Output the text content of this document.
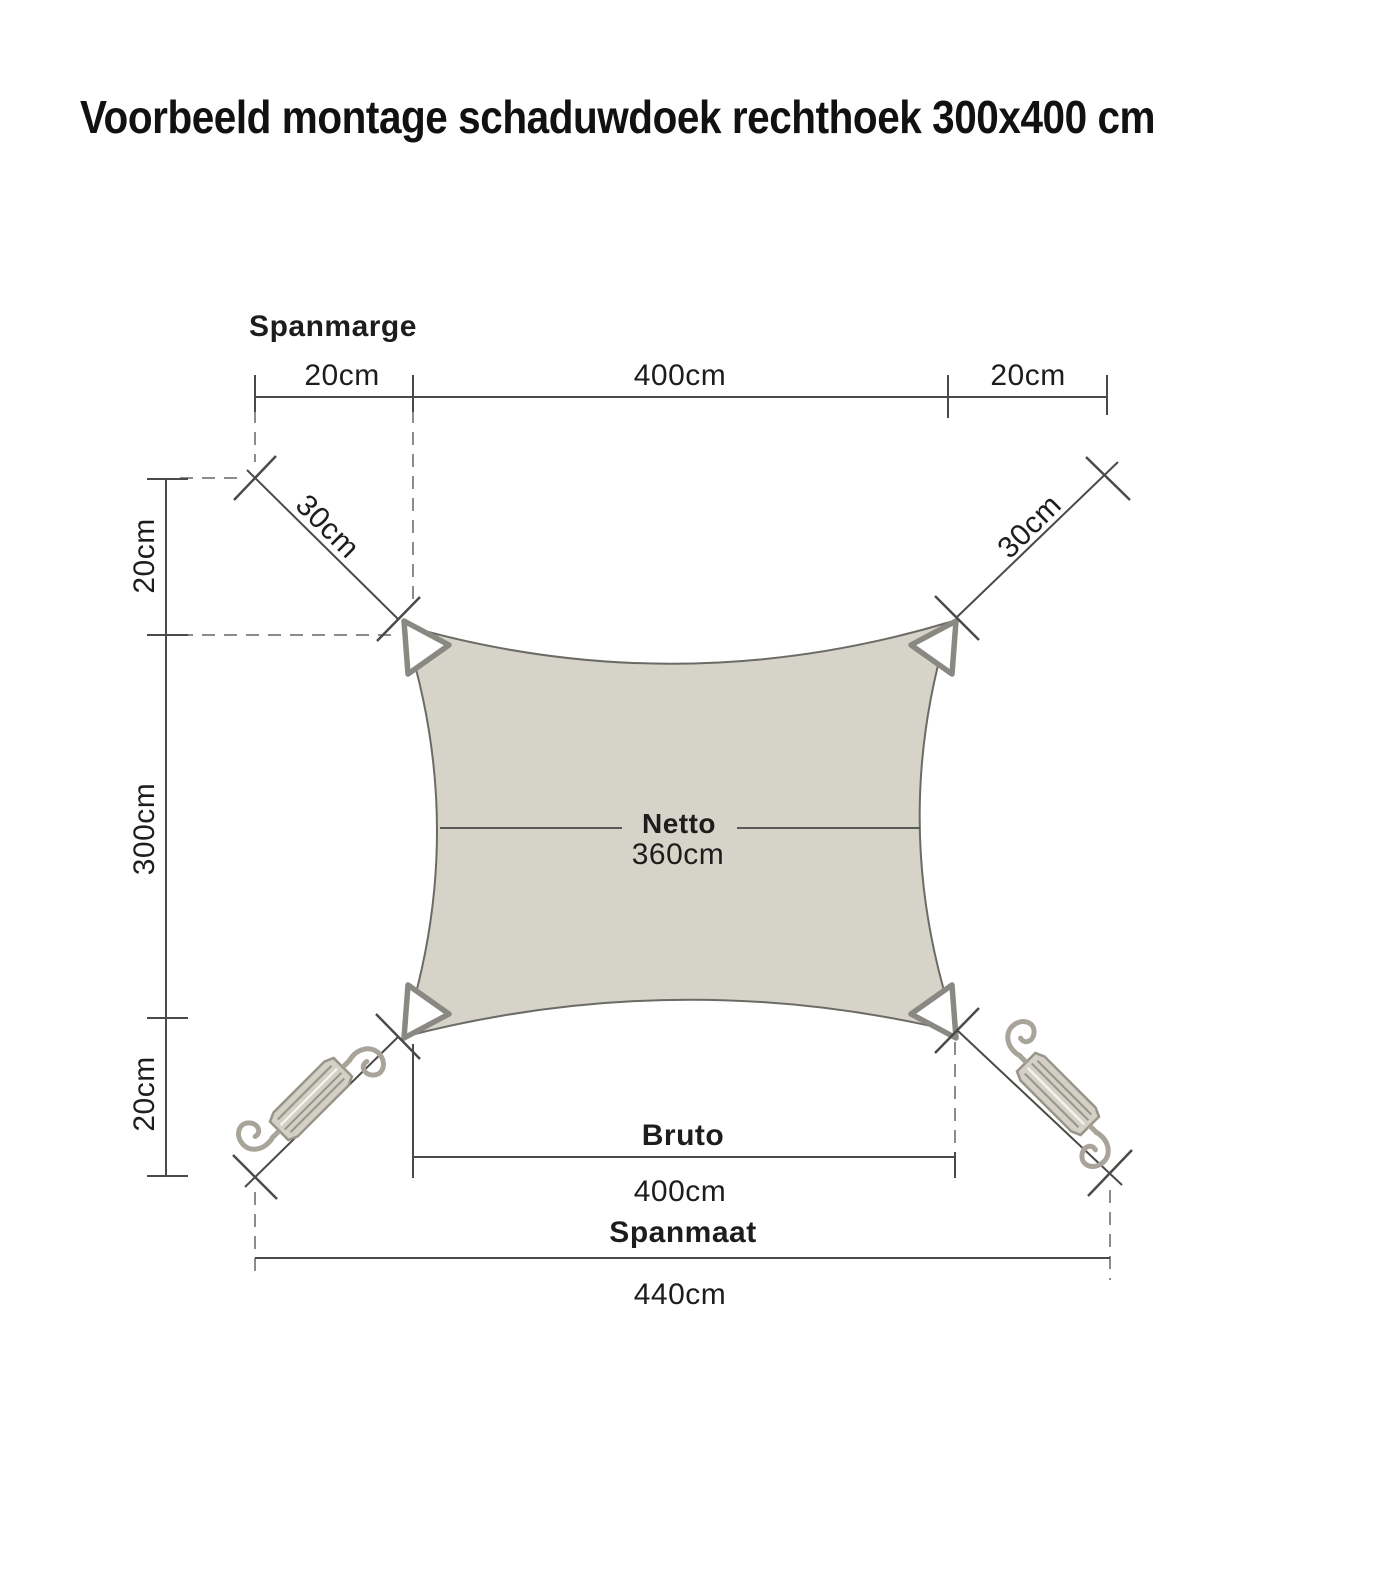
Voorbeeld montage schaduwdoek rechthoek 300x400 cm
Spanmarge
20cm	400cm	20cm
20cm
300cm
20cm
30cm	30cm
Netto
360cm
Bruto
400cm
Spanmaat
440cm
